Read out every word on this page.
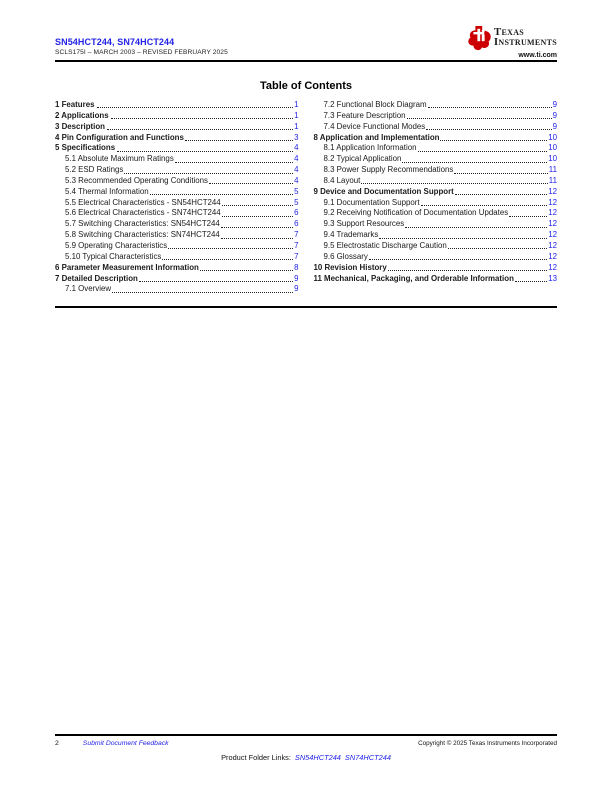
SN54HCT244, SN74HCT244
SCLS175I – MARCH 2003 – REVISED FEBRUARY 2025
Texas
Instruments
www.ti.com
Table of Contents
1 Features	1
2 Applications	1
3 Description	1
4 Pin Configuration and Functions	3
5 Specifications	4
5.1 Absolute Maximum Ratings	4
5.2 ESD Ratings	4
5.3 Recommended Operating Conditions	4
5.4 Thermal Information	5
5.5 Electrical Characteristics - SN54HCT244	5
5.6 Electrical Characteristics - SN74HCT244	6
5.7 Switching Characteristics: SN54HCT244	6
5.8 Switching Characteristics: SN74HCT244	7
5.9 Operating Characteristics	7
5.10 Typical Characteristics	7
6 Parameter Measurement Information	8
7 Detailed Description	9
7.1 Overview	9
7.2 Functional Block Diagram	9
7.3 Feature Description	9
7.4 Device Functional Modes	9
8 Application and Implementation	10
8.1 Application Information	10
8.2 Typical Application	10
8.3 Power Supply Recommendations	11
8.4 Layout	11
9 Device and Documentation Support	12
9.1 Documentation Support	12
9.2 Receiving Notification of Documentation Updates	12
9.3 Support Resources	12
9.4 Trademarks	12
9.5 Electrostatic Discharge Caution	12
9.6 Glossary	12
10 Revision History	12
11 Mechanical, Packaging, and Orderable Information	13
2	Submit Document Feedback	Copyright © 2025 Texas Instruments Incorporated
Product Folder Links: SN54HCT244 SN74HCT244
